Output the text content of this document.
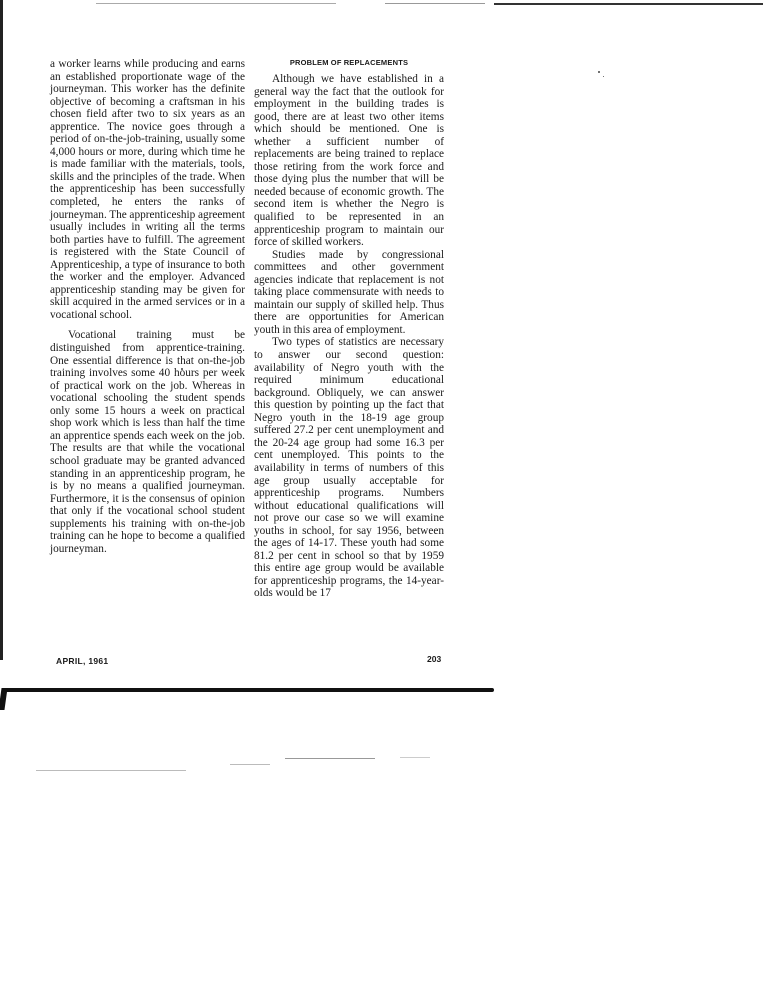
a worker learns while producing and earns an established proportionate wage of the journeyman. This worker has the definite objective of becoming a craftsman in his chosen field after two to six years as an apprentice. The novice goes through a period of on-the-job-training, usually some 4,000 hours or more, during which time he is made familiar with the materials, tools, skills and the principles of the trade. When the apprenticeship has been successfully completed, he enters the ranks of journeyman. The apprenticeship agreement usually includes in writing all the terms both parties have to fulfill. The agreement is registered with the State Council of Apprenticeship, a type of insurance to both the worker and the employer. Advanced apprenticeship standing may be given for skill acquired in the armed services or in a vocational school.

Vocational training must be distinguished from apprentice-training. One essential difference is that on-the-job training involves some 40 hours per week of practical work on the job. Whereas in vocational schooling the student spends only some 15 hours a week on practical shop work which is less than half the time an apprentice spends each week on the job. The results are that while the vocational school graduate may be granted advanced standing in an apprenticeship program, he is by no means a qualified journeyman. Furthermore, it is the consensus of opinion that only if the vocational school student supplements his training with on-the-job training can he hope to become a qualified journeyman.

PROBLEM OF REPLACEMENTS

Although we have established in a general way the fact that the outlook for employment in the building trades is good, there are at least two other items which should be mentioned. One is whether a sufficient number of replacements are being trained to replace those retiring from the work force and those dying plus the number that will be needed because of economic growth. The second item is whether the Negro is qualified to be represented in an apprenticeship program to maintain our force of skilled workers.

Studies made by congressional committees and other government agencies indicate that replacement is not taking place commensurate with needs to maintain our supply of skilled help. Thus there are opportunities for American youth in this area of employment.

Two types of statistics are necessary to answer our second question: availability of Negro youth with the required minimum educational background. Obliquely, we can answer this question by pointing up the fact that Negro youth in the 18-19 age group suffered 27.2 per cent unemployment and the 20-24 age group had some 16.3 per cent unemployed. This points to the availability in terms of numbers of this age group usually acceptable for apprenticeship programs. Numbers without educational qualifications will not prove our case so we will examine youths in school, for say 1956, between the ages of 14-17. These youth had some 81.2 per cent in school so that by 1959 this entire age group would be available for apprenticeship programs, the 14-year-olds would be 17

APRIL, 1961	203
